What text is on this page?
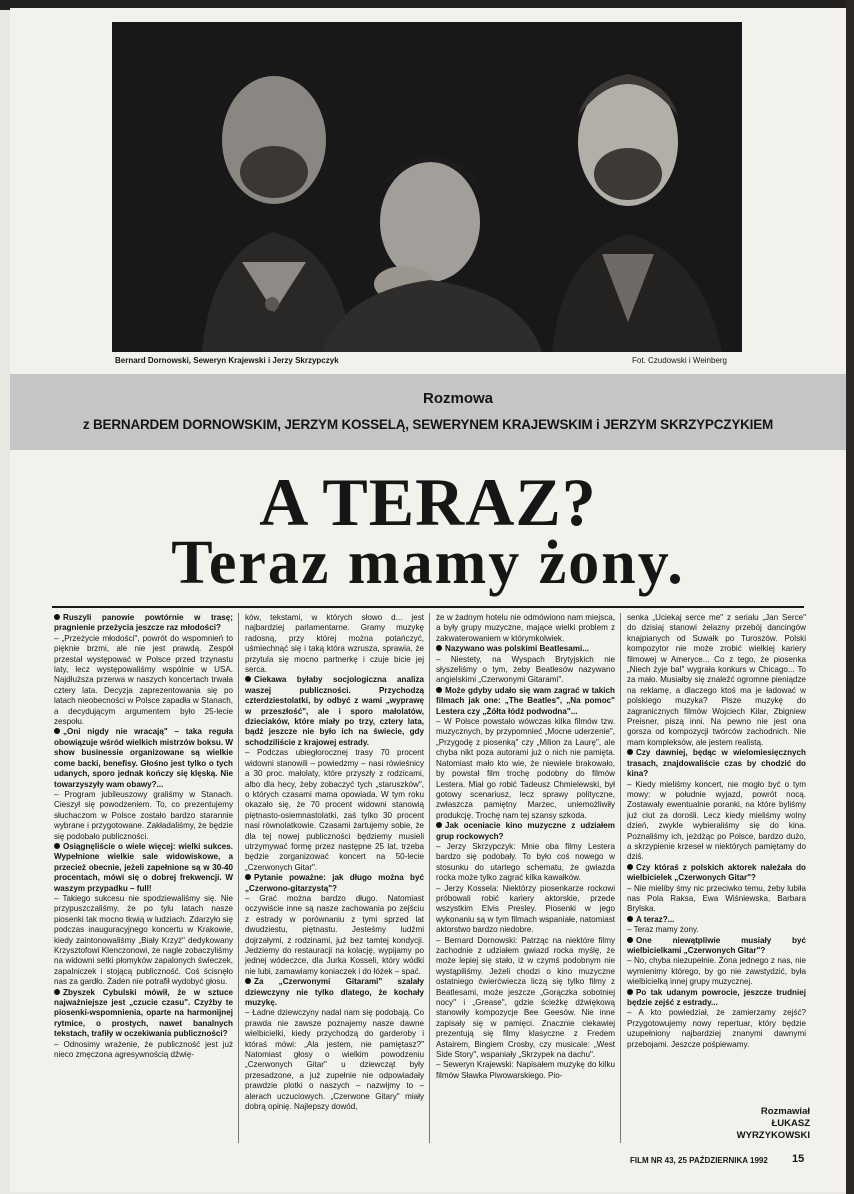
Bernard Dornowski, Seweryn Krajewski i Jerzy Skrzypczyk	Fot. Czudowski i Weinberg
Rozmowa
z BERNARDEM DORNOWSKIM, JERZYM KOSSELĄ, SEWERYNEM KRAJEWSKIM i JERZYM SKRZYPCZYKIEM
A TERAZ?
Teraz mamy żony.

Ruszyli panowie powtórnie w trasę; pragnienie przeżycia jeszcze raz młodości?

– „Przeżycie młodości", powrót do wspomnień to pięknie brzmi, ale nie jest prawdą. Zespół przestał występować w Polsce przed trzynastu laty, lecz występowaliśmy wspólnie w USA. Najdłuższa przerwa w naszych koncertach trwała cztery lata. Decyzja zaprezentowania się po latach nieobecności w Polsce zapadła w Stanach, a decydującym argumentem było 25-lecie zespołu.

„Oni nigdy nie wracają" – taka reguła obowiązuje wśród wielkich mistrzów boksu. W show businessie organizowane są wielkie come backi, benefisy. Głośno jest tylko o tych udanych, sporo jednak kończy się klęską. Nie towarzyszyły wam obawy?...

– Program jubileuszowy graliśmy w Stanach. Cieszył się powodzeniem. To, co prezentujemy słuchaczom w Polsce zostało bardzo starannie wybrane i przygotowane. Zakładaliśmy, że będzie się podobało publiczności.

Osiągnęliście o wiele więcej: wielki sukces. Wypełnione wielkie sale widowiskowe, a przecież obecnie, jeżeli zapełnione są w 30-40 procentach, mówi się o dobrej frekwencji. W waszym przypadku – full!

– Takiego sukcesu nie spodziewaliśmy się. Nie przypuszczaliśmy, że po tylu latach nasze piosenki tak mocno tkwią w ludziach. Zdarzyło się podczas inauguracyjnego koncertu w Krakowie, kiedy zaintonowaliśmy „Biały Krzyż" dedykowany Krzysztofowi Klenczonowi, że nagle zobaczyliśmy na widowni setki płomyków zapalonych świeczek, zapalniczek i stojącą publiczność. Coś ścisnęło nas za gardło. Żaden nie potrafił wydobyć głosu.

Zbyszek Cybulski mówił, że w sztuce najważniejsze jest „czucie czasu". Czyżby te piosenki-wspomnienia, oparte na harmonijnej rytmice, o prostych, nawet banalnych tekstach, trafiły w oczekiwania publiczności?

– Odnosimy wrażenie, że publiczność jest już nieco zmęczona agresywnością dźwię-

ków, tekstami, w których słowo d... jest najbardziej parlamentarne. Gramy muzykę radosną, przy której można potańczyć, uśmiechnąć się i taką która wzrusza, sprawia, że przytula się mocno partnerkę i czuje bicie jej serca.

Ciekawa byłaby socjologiczna analiza waszej publiczności. Przychodzą czterdziestolatki, by odbyć z wami „wyprawę w przeszłość", ale i sporo małolatów, dzieciaków, które miały po trzy, cztery lata, bądź jeszcze nie było ich na świecie, gdy schodziliście z krajowej estrady.

– Podczas ubiegłorocznej trasy 70 procent widowni stanowili – powiedzmy – nasi rówieśnicy a 30 proc. małolaty, które przyszły z rodzicami, albo dla hecy, żeby zobaczyć tych „staruszków", o których czasami mama opowiada. W tym roku okazało się, że 70 procent widowni stanowią piętnasto-osiemnastolatki, zaś tylko 30 procent nasi równolatkowie. Czasami żartujemy sobie, że dla tej nowej publiczności będziemy musieli utrzymywać formę przez następne 25 lat, trzeba będzie zorganizować koncert na 50-lecie „Czerwonych Gitar".

Pytanie poważne: jak długo można być „Czerwono-gitarzystą"?

– Grać można bardzo długo. Natomiast oczywiście inne są nasze zachowania po zejściu z estrady w porównaniu z tymi sprzed lat dwudziestu, piętnastu. Jesteśmy ludźmi dojrzałymi, z rodzinami, już bez tamtej kondycji. Jedziemy do restauracji na kolację, wypijamy po jednej wódeczce, dla Jurka Kosseli, który wódki nie lubi, zamawiamy koniaczek i do łóżek – spać.

Za „Czerwonymi Gitarami" szalały dziewczyny nie tylko dlatego, że kochały muzykę.

– Ładne dziewczyny nadal nam się podobają. Co prawda nie zawsze poznajemy nasze dawne wielbicielki, kiedy przychodzą do garderoby i któraś mówi: „Ala jestem, nie pamiętasz?" Natomiast głosy o wielkim powodzeniu „Czerwonych Gitar" u dziewcząt były przesadzone, a już zupełnie nie odpowiadały prawdzie plotki o naszych – nazwijmy to – alerach uczuciowych. „Czerwone Gitary" miały dobrą opinię. Najlepszy dowód,

że w żadnym hotelu nie odmówiono nam miejsca, a były grupy muzyczne, mające wielki problem z zakwaterowaniem w którymkolwiek.

Nazywano was polskimi Beatlesami...

– Niestety, na Wyspach Brytyjskich nie słyszeliśmy o tym, żeby Beatlesów nazywano angielskimi „Czerwonymi Gitarami".

Może gdyby udało się wam zagrać w takich filmach jak one: „The Beatles", „Na pomoc" Lestera czy „Żółta łódź podwodna"...

– W Polsce powstało wówczas kilka filmów tzw. muzycznych, by przypomnieć „Mocne uderzenie", „Przygodę z piosenką" czy „Milion za Laurę", ale chyba nikt poza autorami już o nich nie pamięta. Natomiast mało kto wie, że niewiele brakowało, by powstał film trochę podobny do filmów Lestera. Miał go robić Tadeusz Chmielewski, był gotowy scenariusz, lecz sprawy polityczne, zwłaszcza pamiętny Marzec, uniemożliwiły produkcję. Trochę nam tej szansy szkoda.

Jak oceniacie kino muzyczne z udziałem grup rockowych?

– Jerzy Skrzypczyk: Mnie oba filmy Lestera bardzo się podobały. To było coś nowego w stosunku do utartego schematu, że gwiazda rocka może tylko zagrać kilka kawałków.

– Jerzy Kossela: Niektórzy piosenkarze rockowi próbowali robić kariery aktorskie, przede wszystkim Elvis Presley. Piosenki w jego wykonaniu są w tym filmach wspaniałe, natomiast aktorstwo bardzo niedobre.

– Bernard Dornowski: Patrząc na niektóre filmy zachodnie z udziałem gwiazd rocka myślę, że może lepiej się stało, iż w czymś podobnym nie wystąpiliśmy. Jeżeli chodzi o kino muzyczne ostatniego ćwierćwiecza liczą się tylko filmy z Beatlesami, może jeszcze „Gorączka sobotniej nocy" i „Grease", gdzie ścieżkę dźwiękową stanowiły kompozycje Bee Geesów. Nie inne zapisały się w pamięci. Znacznie ciekawiej prezentują się filmy klasyczne z Fredem Astairem, Bingiem Crosby, czy musicale: „West Side Story", wspaniały „Skrzypek na dachu".

– Seweryn Krajewski: Napisałem muzykę do kilku filmów Sławka Piwowarskiego. Pio-

senka „Uciekaj serce me" z serialu „Jan Serce" do dzisiaj stanowi żelazny przebój dancingów knajpianych od Suwałk po Turoszów. Polski kompozytor nie może zrobić wielkiej kariery filmowej w Ameryce... Co z tego, że piosenka „Niech żyje bal" wygrała konkurs w Chicago... To za mało. Musiałby się znaleźć ogromne pieniądze na reklamę, a dlaczego ktoś ma je ładować w polskiego muzyka? Pisze muzykę do zagranicznych filmów Wojciech Kilar, Zbigniew Preisner, piszą inni. Na pewno nie jest ona gorsza od kompozycji twórców zachodnich. Nie mam kompleksów, ale jestem realistą.

Czy dawniej, będąc w wielomiesięcznych trasach, znajdowaliście czas by chodzić do kina?

– Kiedy mieliśmy koncert, nie mogło być o tym mowy: w południe wyjazd, powrót nocą. Zostawały ewentualnie poranki, na które byliśmy już ciut za dorośli. Lecz kiedy mieliśmy wolny dzień, zwykle wybieraliśmy się do kina. Poznaliśmy ich, jeżdżąc po Polsce, bardzo dużo, a skrzypienie krzeseł w niektórych pamiętamy do dziś.

Czy któraś z polskich aktorek należała do wielbicielek „Czerwonych Gitar"?

– Nie mieliby śmy nic przeciwko temu, żeby lubiła nas Pola Raksa, Ewa Wiśniewska, Barbara Brylska.

A teraz?...

– Teraz mamy żony.

One niewątpliwie musiały być wielbicielkami „Czerwonych Gitar"?

– No, chyba niezupełnie. Żona jednego z nas, nie wymienimy którego, by go nie zawstydzić, była wielbicielką innej grupy muzycznej.

Po tak udanym powrocie, jeszcze trudniej będzie zejść z estrady...

– A kto powiedział, że zamierzamy zejść? Przygotowujemy nowy repertuar, który będzie uzupełniony najbardziej znanymi dawnymi przebojami. Jeszcze pośpiewamy.

Rozmawiał
ŁUKASZ
WYRZYKOWSKI
FILM NR 43, 25 PAŹDZIERNIKA 1992 15
